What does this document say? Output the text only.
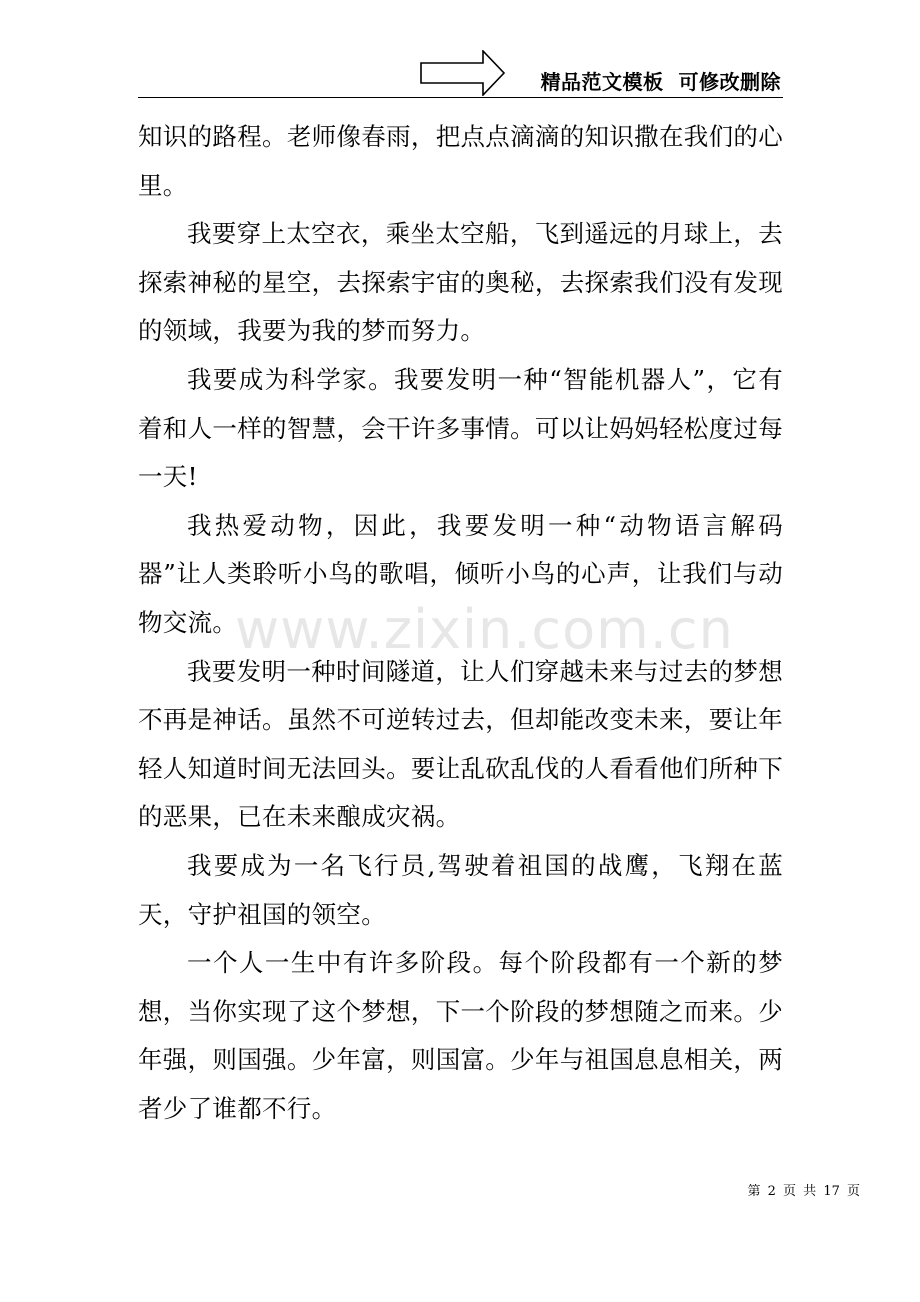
精品范文模板  可修改删除

知识的路程。老师像春雨，把点点滴滴的知识撒在我们的心里。

我要穿上太空衣，乘坐太空船，飞到遥远的月球上，去探索神秘的星空，去探索宇宙的奥秘，去探索我们没有发现的领域，我要为我的梦而努力。

我要成为科学家。我要发明一种“智能机器人”，它有着和人一样的智慧，会干许多事情。可以让妈妈轻松度过每一天!

我热爱动物，因此，我要发明一种“动物语言解码器”让人类聆听小鸟的歌唱，倾听小鸟的心声，让我们与动物交流。

我要发明一种时间隧道，让人们穿越未来与过去的梦想不再是神话。虽然不可逆转过去，但却能改变未来，要让年轻人知道时间无法回头。要让乱砍乱伐的人看看他们所种下的恶果，已在未来酿成灾祸。

我要成为一名飞行员,驾驶着祖国的战鹰，飞翔在蓝天，守护祖国的领空。

一个人一生中有许多阶段。每个阶段都有一个新的梦想，当你实现了这个梦想，下一个阶段的梦想随之而来。少年强，则国强。少年富，则国富。少年与祖国息息相关，两者少了谁都不行。

www.zixin.com.cn
第 2 页 共 17 页
